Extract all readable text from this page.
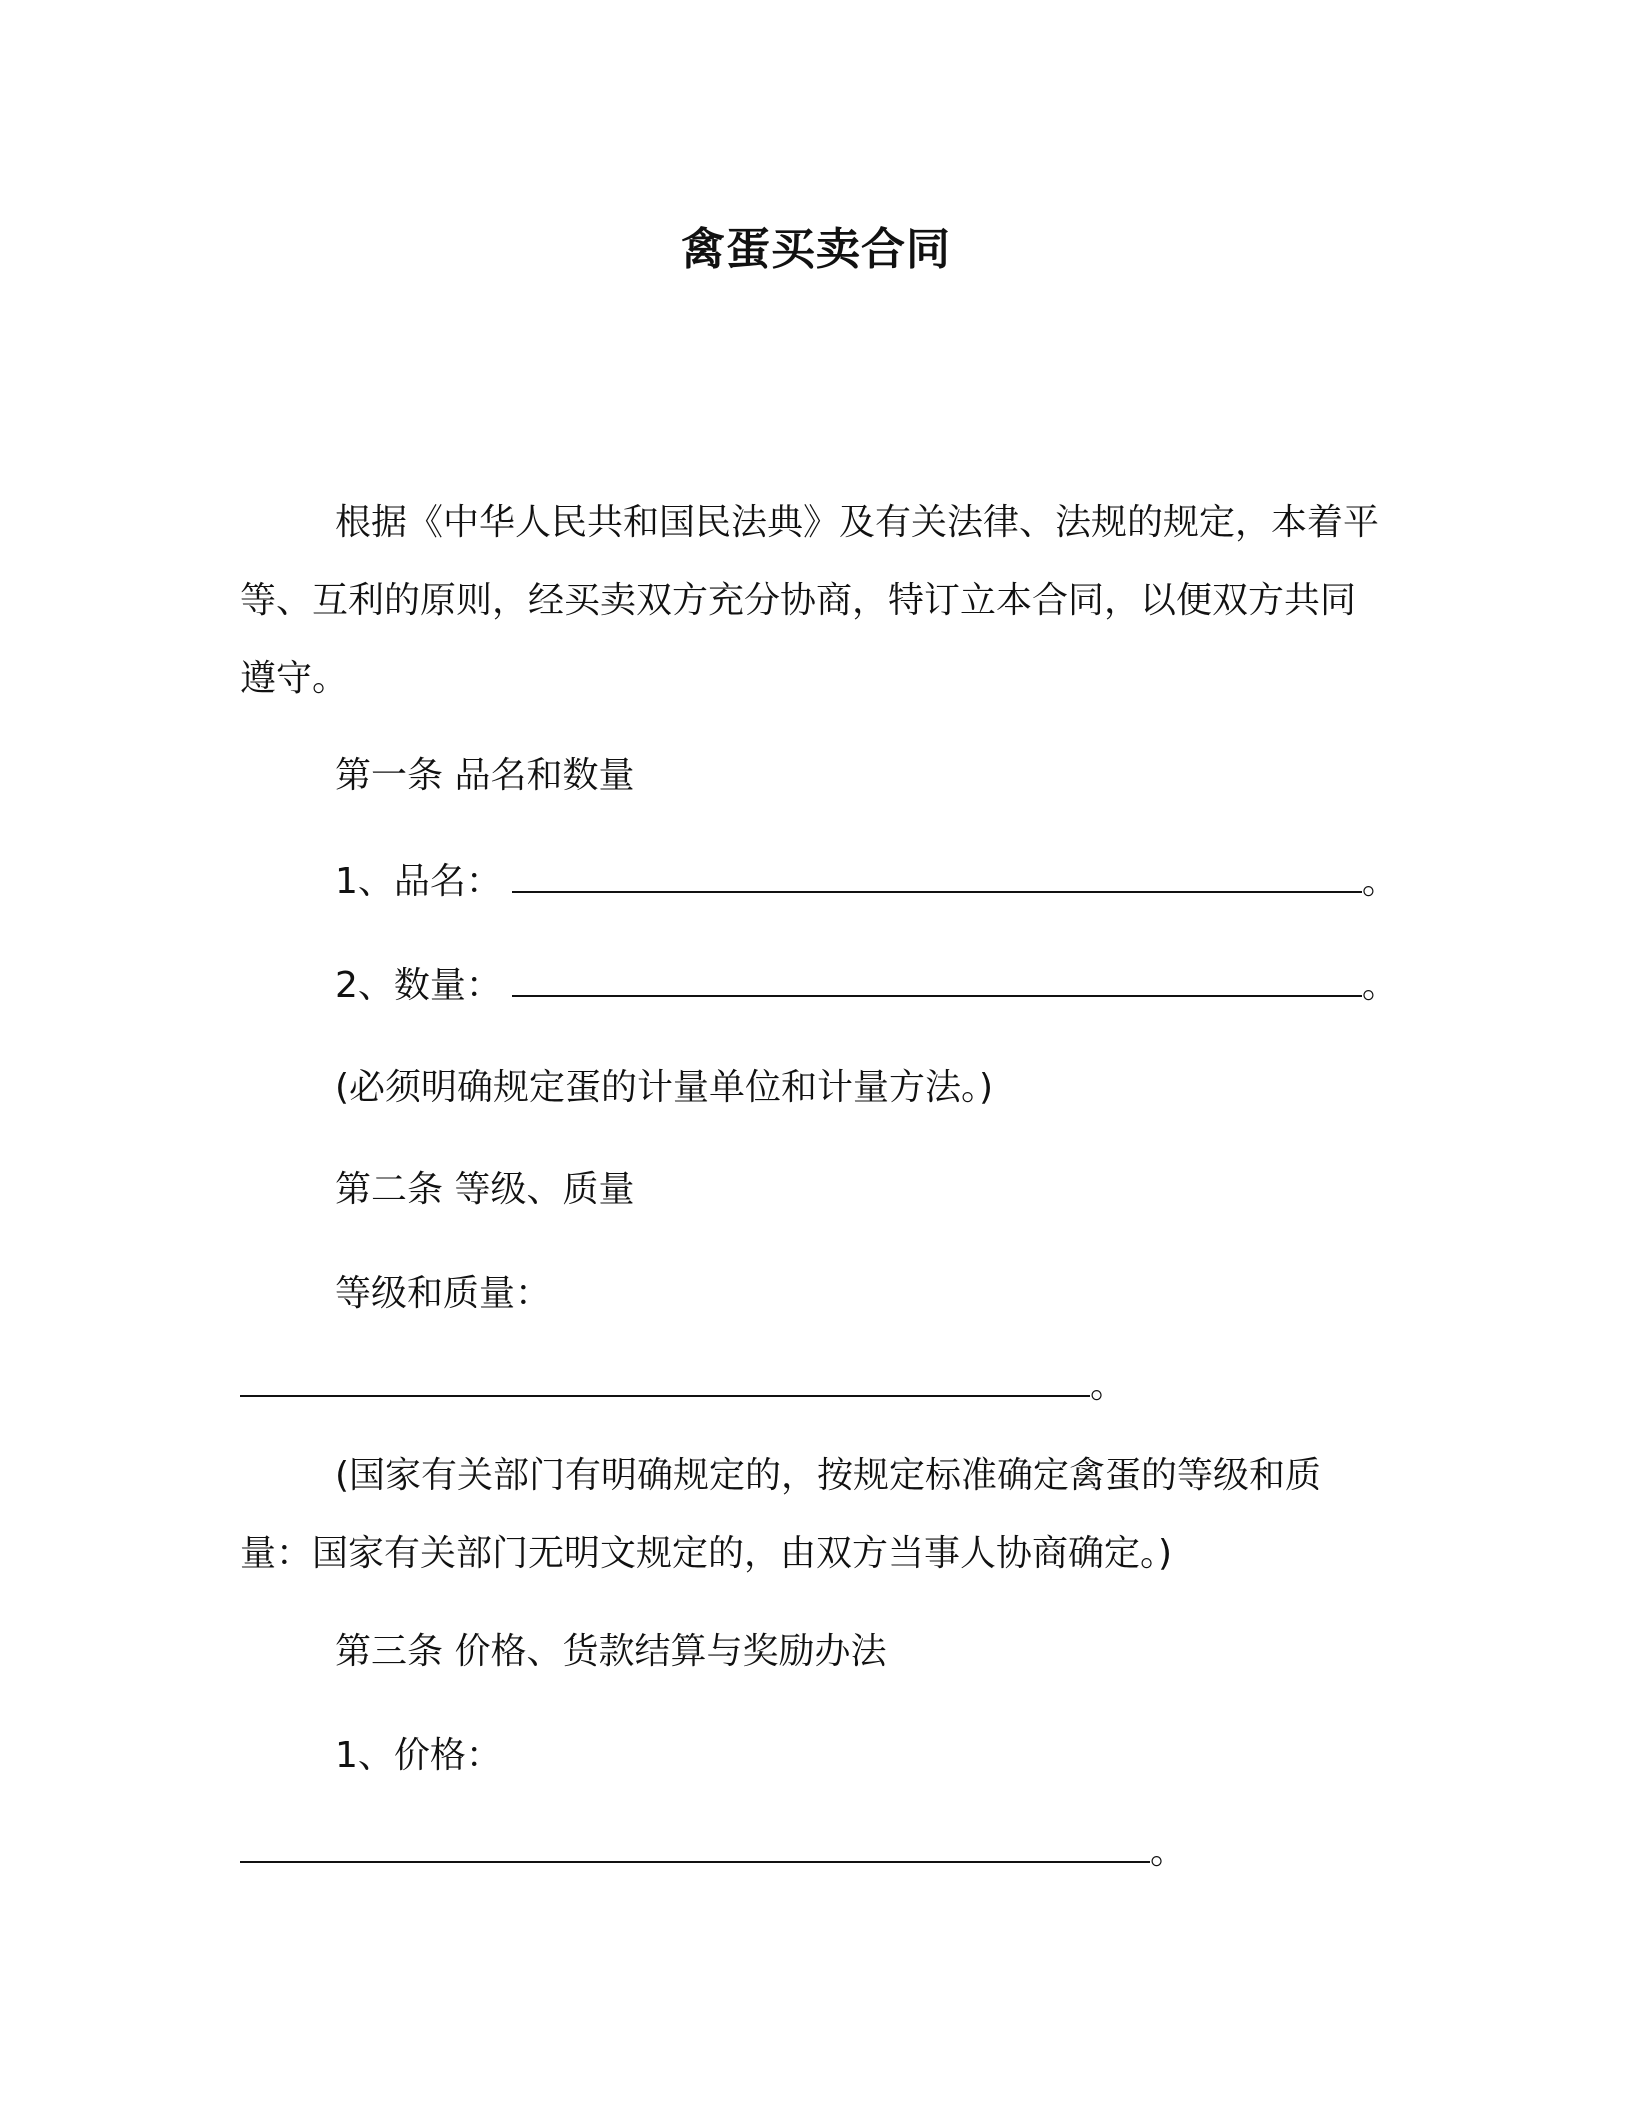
禽蛋买卖合同
根据《中华人民共和国民法典》及有关法律、法规的规定，本着平等、互利的原则，经买卖双方充分协商，特订立本合同，以便双方共同遵守。
第一条 品名和数量
1、品名：	。
2、数量：	。
(必须明确规定蛋的计量单位和计量方法。)
第二条 等级、质量
等级和质量：
。
(国家有关部门有明确规定的，按规定标准确定禽蛋的等级和质量：国家有关部门无明文规定的，由双方当事人协商确定。)
第三条 价格、货款结算与奖励办法
1、价格：
。
